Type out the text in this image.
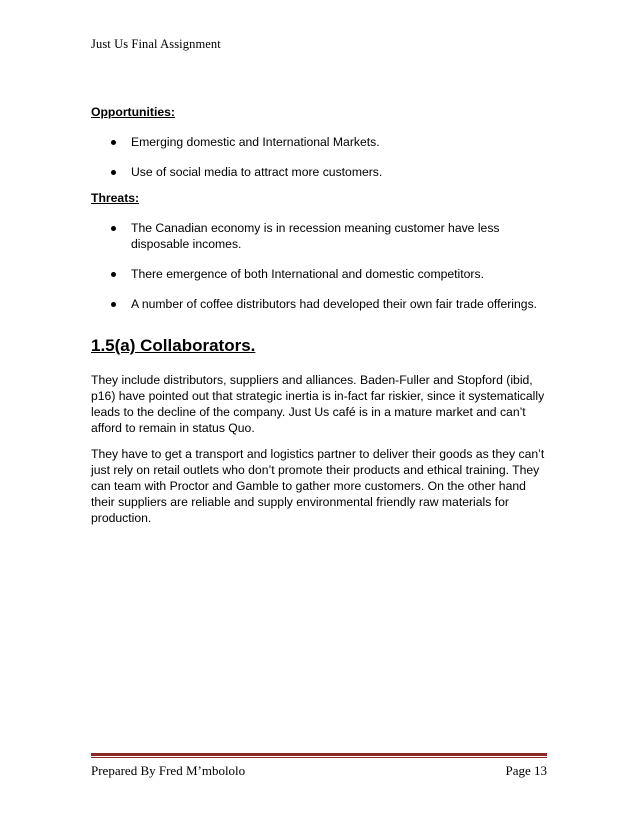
Just Us Final Assignment
Opportunities:
Emerging domestic and International Markets.
Use of social media to attract more customers.
Threats:
The Canadian economy is in recession meaning customer have less disposable incomes.
There emergence of both International and domestic competitors.
A number of coffee distributors had developed their own fair trade offerings.
1.5(a) Collaborators.

They include distributors, suppliers and alliances. Baden-Fuller and Stopford (ibid, p16) have pointed out that strategic inertia is in-fact far riskier, since it systematically leads to the decline of the company. Just Us café is in a mature market and can’t afford to remain in status Quo.

They have to get a transport and logistics partner to deliver their goods as they can’t just rely on retail outlets who don’t promote their products and ethical training. They can team with Proctor and Gamble to gather more customers. On the other hand their suppliers are reliable and supply environmental friendly raw materials for production.

Prepared By Fred M’mbololo	Page 13
